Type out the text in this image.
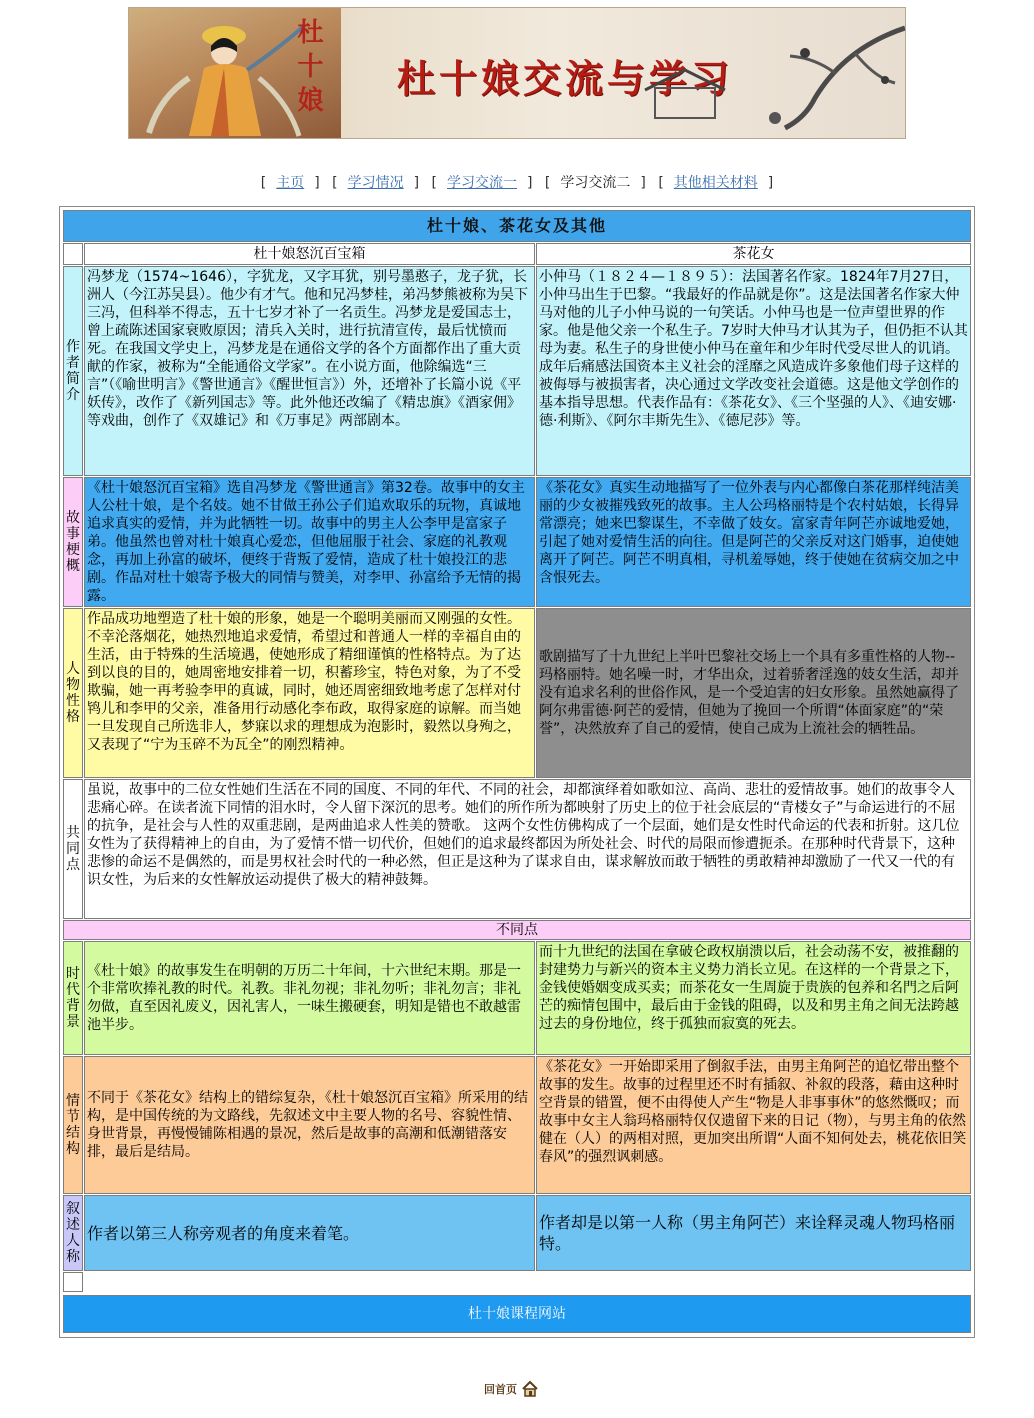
杜十娘 杜十娘交流与学习
[ 主页 ] [ 学习情况 ] [ 学习交流一 ] [ 学习交流二 ] [ 其他相关材料 ]
杜十娘、茶花女及其他
杜十娘怒沉百宝箱	茶花女
作者简介
冯梦龙（1574~1646），字犹龙，又字耳犹，别号墨憨子，龙子犹，长洲人（今江苏吴县）。他少有才气。他和兄冯梦桂，弟冯梦熊被称为吴下三冯，但科举不得志，五十七岁才补了一名贡生。冯梦龙是爱国志士，曾上疏陈述国家衰败原因；清兵入关时，进行抗清宣传，最后忧愤而死。在我国文学史上，冯梦龙是在通俗文学的各个方面都作出了重大贡献的作家，被称为“全能通俗文学家”。在小说方面，他除编选“三言”（《喻世明言》《警世通言》《醒世恒言》）外，还增补了长篇小说《平妖传》，改作了《新列国志》等。此外他还改编了《精忠旗》《酒家佣》等戏曲，创作了《双雄记》和《万事足》两部剧本。
小仲马（１８２４—１８９５）：法国著名作家。1824年7月27日，小仲马出生于巴黎。“我最好的作品就是你”。这是法国著名作家大仲马对他的儿子小仲马说的一句笑话。小仲马也是一位声望世界的作家。他是他父亲一个私生子。7岁时大仲马才认其为子，但仍拒不认其母为妻。私生子的身世使小仲马在童年和少年时代受尽世人的讥诮。成年后痛感法国资本主义社会的淫靡之风造成许多象他们母子这样的被侮辱与被损害者，决心通过文学改变社会道德。这是他文学创作的基本指导思想。代表作品有：《茶花女》、《三个坚强的人》、《迪安娜·德·利斯》、《阿尔丰斯先生》、《德尼莎》等。
故事梗概
《杜十娘怒沉百宝箱》选自冯梦龙《警世通言》第32卷。故事中的女主人公杜十娘，是个名妓。她不甘做王孙公子们追欢取乐的玩物，真诚地追求真实的爱情，并为此牺牲一切。故事中的男主人公李甲是富家子弟。他虽然也曾对杜十娘真心爱恋，但他屈服于社会、家庭的礼教观念，再加上孙富的破坏，便终于背叛了爱情，造成了杜十娘投江的悲剧。作品对杜十娘寄予极大的同情与赞美，对李甲、孙富给予无情的揭露。
《茶花女》真实生动地描写了一位外表与内心都像白茶花那样纯洁美丽的少女被摧残致死的故事。主人公玛格丽特是个农村姑娘，长得异常漂亮；她来巴黎谋生，不幸做了妓女。富家青年阿芒亦诚地爱她，引起了她对爱情生活的向往。但是阿芒的父亲反对这门婚事，迫使她离开了阿芒。阿芒不明真相，寻机羞辱她，终于使她在贫病交加之中含恨死去。
人物性格
作品成功地塑造了杜十娘的形象，她是一个聪明美丽而又刚强的女性。不幸沦落烟花，她热烈地追求爱情，希望过和普通人一样的幸福自由的生活，由于特殊的生活境遇，使她形成了精细谨慎的性格特点。为了达到以良的目的，她周密地安排着一切，积蓄珍宝，特色对象，为了不受欺骗，她一再考验李甲的真诚，同时，她还周密细致地考虑了怎样对付鸨儿和李甲的父亲，准备用行动感化李布政，取得家庭的谅解。而当她一旦发现自己所选非人，梦寐以求的理想成为泡影时，毅然以身殉之，又表现了“宁为玉碎不为瓦全”的刚烈精神。
歌剧描写了十九世纪上半叶巴黎社交场上一个具有多重性格的人物--玛格丽特。她名噪一时，才华出众，过着骄奢淫逸的妓女生活，却并没有追求名利的世俗作风，是一个受迫害的妇女形象。虽然她赢得了阿尔弗雷德·阿芒的爱情，但她为了挽回一个所谓“体面家庭”的“荣誉”，决然放弃了自己的爱情，使自己成为上流社会的牺牲品。
共同点
虽说，故事中的二位女性她们生活在不同的国度、不同的年代、不同的社会，却都演绎着如歌如泣、高尚、悲壮的爱情故事。她们的故事令人悲痛心碎。在读者流下同情的泪水时，令人留下深沉的思考。她们的所作所为都映射了历史上的位于社会底层的“青楼女子”与命运进行的不屈的抗争，是社会与人性的双重悲剧，是两曲追求人性美的赞歌。 这两个女性仿佛构成了一个层面，她们是女性时代命运的代表和折射。这几位女性为了获得精神上的自由，为了爱情不惜一切代价，但她们的追求最终都因为所处社会、时代的局限而惨遭扼杀。在那种时代背景下，这种悲惨的命运不是偶然的，而是男权社会时代的一种必然，但正是这种为了谋求自由，谋求解放而敢于牺牲的勇敢精神却激励了一代又一代的有识女性，为后来的女性解放运动提供了极大的精神鼓舞。
不同点
时代背景
《杜十娘》的故事发生在明朝的万历二十年间，十六世纪末期。那是一个非常吹捧礼教的时代。礼教。非礼勿视；非礼勿听；非礼勿言；非礼勿做，直至因礼废义，因礼害人，一味生搬硬套，明知是错也不敢越雷池半步。
而十九世纪的法国在拿破仑政权崩溃以后，社会动荡不安，被推翻的封建势力与新兴的资本主义势力消长立见。在这样的一个背景之下，金钱使婚姻变成买卖；而茶花女一生周旋于贵族的包养和名門之后阿芒的痴情包围中，最后由于金钱的阻碍，以及和男主角之间无法跨越过去的身份地位，终于孤独而寂寞的死去。
情节结构
不同于《茶花女》结构上的错综复杂，《杜十娘怒沉百宝箱》所采用的结构，是中国传统的为文路线，先叙述文中主要人物的名号、容貌性情、身世背景，再慢慢铺陈相遇的景况，然后是故事的高潮和低潮错落安排，最后是结局。
《茶花女》一开始即采用了倒叙手法，由男主角阿芒的追忆带出整个故事的发生。故事的过程里还不时有插叙、补叙的段落，藉由这种时空背景的错置，便不由得使人产生“物是人非事事休”的悠然慨叹；而故事中女主人翁玛格丽特仅仅遗留下来的日记（物），与男主角的依然健在（人）的两相对照，更加突出所谓“人面不知何处去，桃花依旧笑春风”的强烈讽刺感。
叙述人称
作者以第三人称旁观者的角度来着笔。
作者却是以第一人称（男主角阿芒）来诠释灵魂人物玛格丽特。
杜十娘课程网站
回首页
